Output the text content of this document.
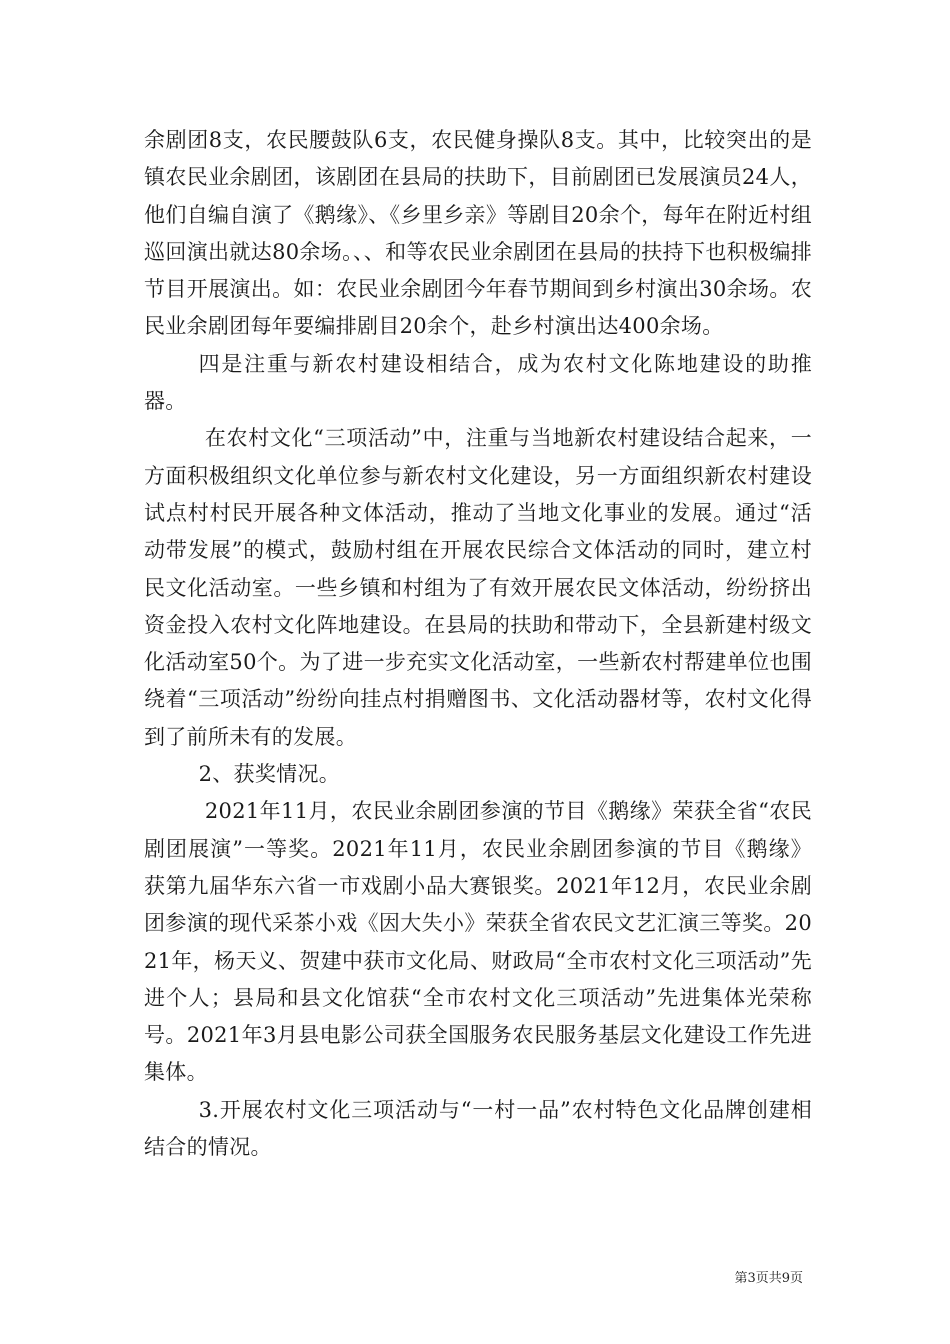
余剧团8支，农民腰鼓队6支，农民健身操队8支。其中，比较突出的是镇农民业余剧团，该剧团在县局的扶助下，目前剧团已发展演员24人，他们自编自演了《鹅缘》、《乡里乡亲》等剧目20余个，每年在附近村组巡回演出就达80余场。、、和等农民业余剧团在县局的扶持下也积极编排节目开展演出。如：农民业余剧团今年春节期间到乡村演出30余场。农民业余剧团每年要编排剧目20余个，赴乡村演出达400余场。

四是注重与新农村建设相结合，成为农村文化陈地建设的助推器。

在农村文化“三项活动”中，注重与当地新农村建设结合起来，一方面积极组织文化单位参与新农村文化建设，另一方面组织新农村建设试点村村民开展各种文体活动，推动了当地文化事业的发展。通过“活动带发展”的模式，鼓励村组在开展农民综合文体活动的同时，建立村民文化活动室。一些乡镇和村组为了有效开展农民文体活动，纷纷挤出资金投入农村文化阵地建设。在县局的扶助和带动下，全县新建村级文化活动室50个。为了进一步充实文化活动室，一些新农村帮建单位也围绕着“三项活动”纷纷向挂点村捐赠图书、文化活动器材等，农村文化得到了前所未有的发展。

2、获奖情况。

2021年11月，农民业余剧团参演的节目《鹅缘》荣获全省“农民剧团展演”一等奖。2021年11月，农民业余剧团参演的节目《鹅缘》获第九届华东六省一市戏剧小品大赛银奖。2021年12月，农民业余剧团参演的现代采茶小戏《因大失小》荣获全省农民文艺汇演三等奖。2021年，杨天义、贺建中获市文化局、财政局“全市农村文化三项活动”先进个人；县局和县文化馆获“全市农村文化三项活动”先进集体光荣称号。2021年3月县电影公司获全国服务农民服务基层文化建设工作先进集体。

3.开展农村文化三项活动与“一村一品”农村特色文化品牌创建相结合的情况。

第3页共9页
